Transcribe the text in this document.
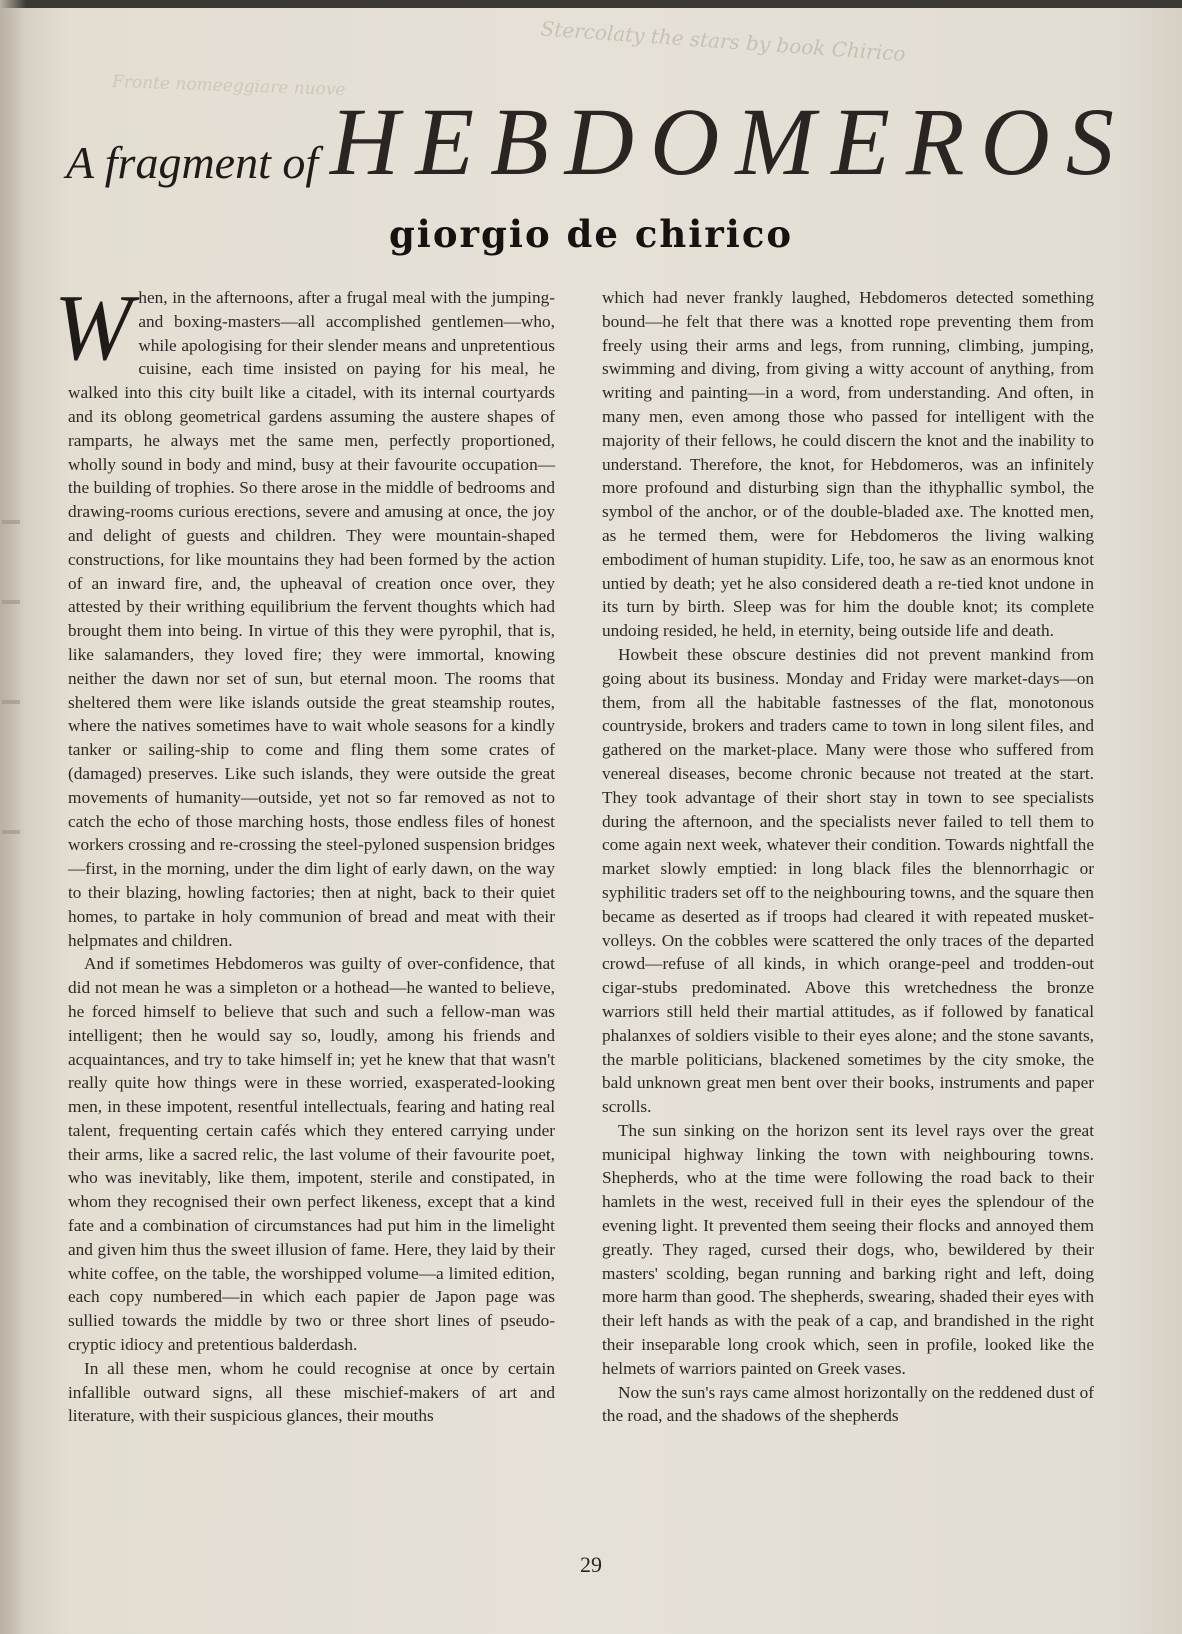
Stercolaty the stars by book Chirico
Fronte nomeeggiare nuove
A fragment of HEBDOMEROS
giorgio de chirico

When, in the afternoons, after a frugal meal with the jumping- and boxing-masters—all accomplished gentlemen—who, while apologising for their slender means and unpretentious cuisine, each time insisted on paying for his meal, he walked into this city built like a citadel, with its internal courtyards and its oblong geometrical gardens assuming the austere shapes of ramparts, he always met the same men, perfectly proportioned, wholly sound in body and mind, busy at their favourite occupation—the building of trophies. So there arose in the middle of bedrooms and drawing-rooms curious erections, severe and amusing at once, the joy and delight of guests and children. They were mountain-shaped constructions, for like mountains they had been formed by the action of an inward fire, and, the upheaval of creation once over, they attested by their writhing equilibrium the fervent thoughts which had brought them into being. In virtue of this they were pyrophil, that is, like salamanders, they loved fire; they were immortal, knowing neither the dawn nor set of sun, but eternal moon. The rooms that sheltered them were like islands outside the great steamship routes, where the natives sometimes have to wait whole seasons for a kindly tanker or sailing-ship to come and fling them some crates of (damaged) preserves. Like such islands, they were outside the great movements of humanity—outside, yet not so far removed as not to catch the echo of those marching hosts, those endless files of honest workers crossing and re-crossing the steel-pyloned suspension bridges—first, in the morning, under the dim light of early dawn, on the way to their blazing, howling factories; then at night, back to their quiet homes, to partake in holy communion of bread and meat with their helpmates and children.

And if sometimes Hebdomeros was guilty of over-confidence, that did not mean he was a simpleton or a hothead—he wanted to believe, he forced himself to believe that such and such a fellow-man was intelligent; then he would say so, loudly, among his friends and acquaintances, and try to take himself in; yet he knew that that wasn't really quite how things were in these worried, exasperated-looking men, in these impotent, resentful intellectuals, fearing and hating real talent, frequenting certain cafés which they entered carrying under their arms, like a sacred relic, the last volume of their favourite poet, who was inevitably, like them, impotent, sterile and constipated, in whom they recognised their own perfect likeness, except that a kind fate and a combination of circumstances had put him in the limelight and given him thus the sweet illusion of fame. Here, they laid by their white coffee, on the table, the worshipped volume—a limited edition, each copy numbered—in which each papier de Japon page was sullied towards the middle by two or three short lines of pseudo-cryptic idiocy and pretentious balderdash.

In all these men, whom he could recognise at once by certain infallible outward signs, all these mischief-makers of art and literature, with their suspicious glances, their mouths

which had never frankly laughed, Hebdomeros detected something bound—he felt that there was a knotted rope preventing them from freely using their arms and legs, from running, climbing, jumping, swimming and diving, from giving a witty account of anything, from writing and painting—in a word, from understanding. And often, in many men, even among those who passed for intelligent with the majority of their fellows, he could discern the knot and the inability to understand. Therefore, the knot, for Hebdomeros, was an infinitely more profound and disturbing sign than the ithyphallic symbol, the symbol of the anchor, or of the double-bladed axe. The knotted men, as he termed them, were for Hebdomeros the living walking embodiment of human stupidity. Life, too, he saw as an enormous knot untied by death; yet he also considered death a re-tied knot undone in its turn by birth. Sleep was for him the double knot; its complete undoing resided, he held, in eternity, being outside life and death.

Howbeit these obscure destinies did not prevent mankind from going about its business. Monday and Friday were market-days—on them, from all the habitable fastnesses of the flat, monotonous countryside, brokers and traders came to town in long silent files, and gathered on the market-place. Many were those who suffered from venereal diseases, become chronic because not treated at the start. They took advantage of their short stay in town to see specialists during the afternoon, and the specialists never failed to tell them to come again next week, whatever their condition. Towards nightfall the market slowly emptied: in long black files the blennorrhagic or syphilitic traders set off to the neighbouring towns, and the square then became as deserted as if troops had cleared it with repeated musket-volleys. On the cobbles were scattered the only traces of the departed crowd—refuse of all kinds, in which orange-peel and trodden-out cigar-stubs predominated. Above this wretchedness the bronze warriors still held their martial attitudes, as if followed by fanatical phalanxes of soldiers visible to their eyes alone; and the stone savants, the marble politicians, blackened sometimes by the city smoke, the bald unknown great men bent over their books, instruments and paper scrolls.

The sun sinking on the horizon sent its level rays over the great municipal highway linking the town with neighbouring towns. Shepherds, who at the time were following the road back to their hamlets in the west, received full in their eyes the splendour of the evening light. It prevented them seeing their flocks and annoyed them greatly. They raged, cursed their dogs, who, bewildered by their masters' scolding, began running and barking right and left, doing more harm than good. The shepherds, swearing, shaded their eyes with their left hands as with the peak of a cap, and brandished in the right their inseparable long crook which, seen in profile, looked like the helmets of warriors painted on Greek vases.

Now the sun's rays came almost horizontally on the reddened dust of the road, and the shadows of the shepherds

29
